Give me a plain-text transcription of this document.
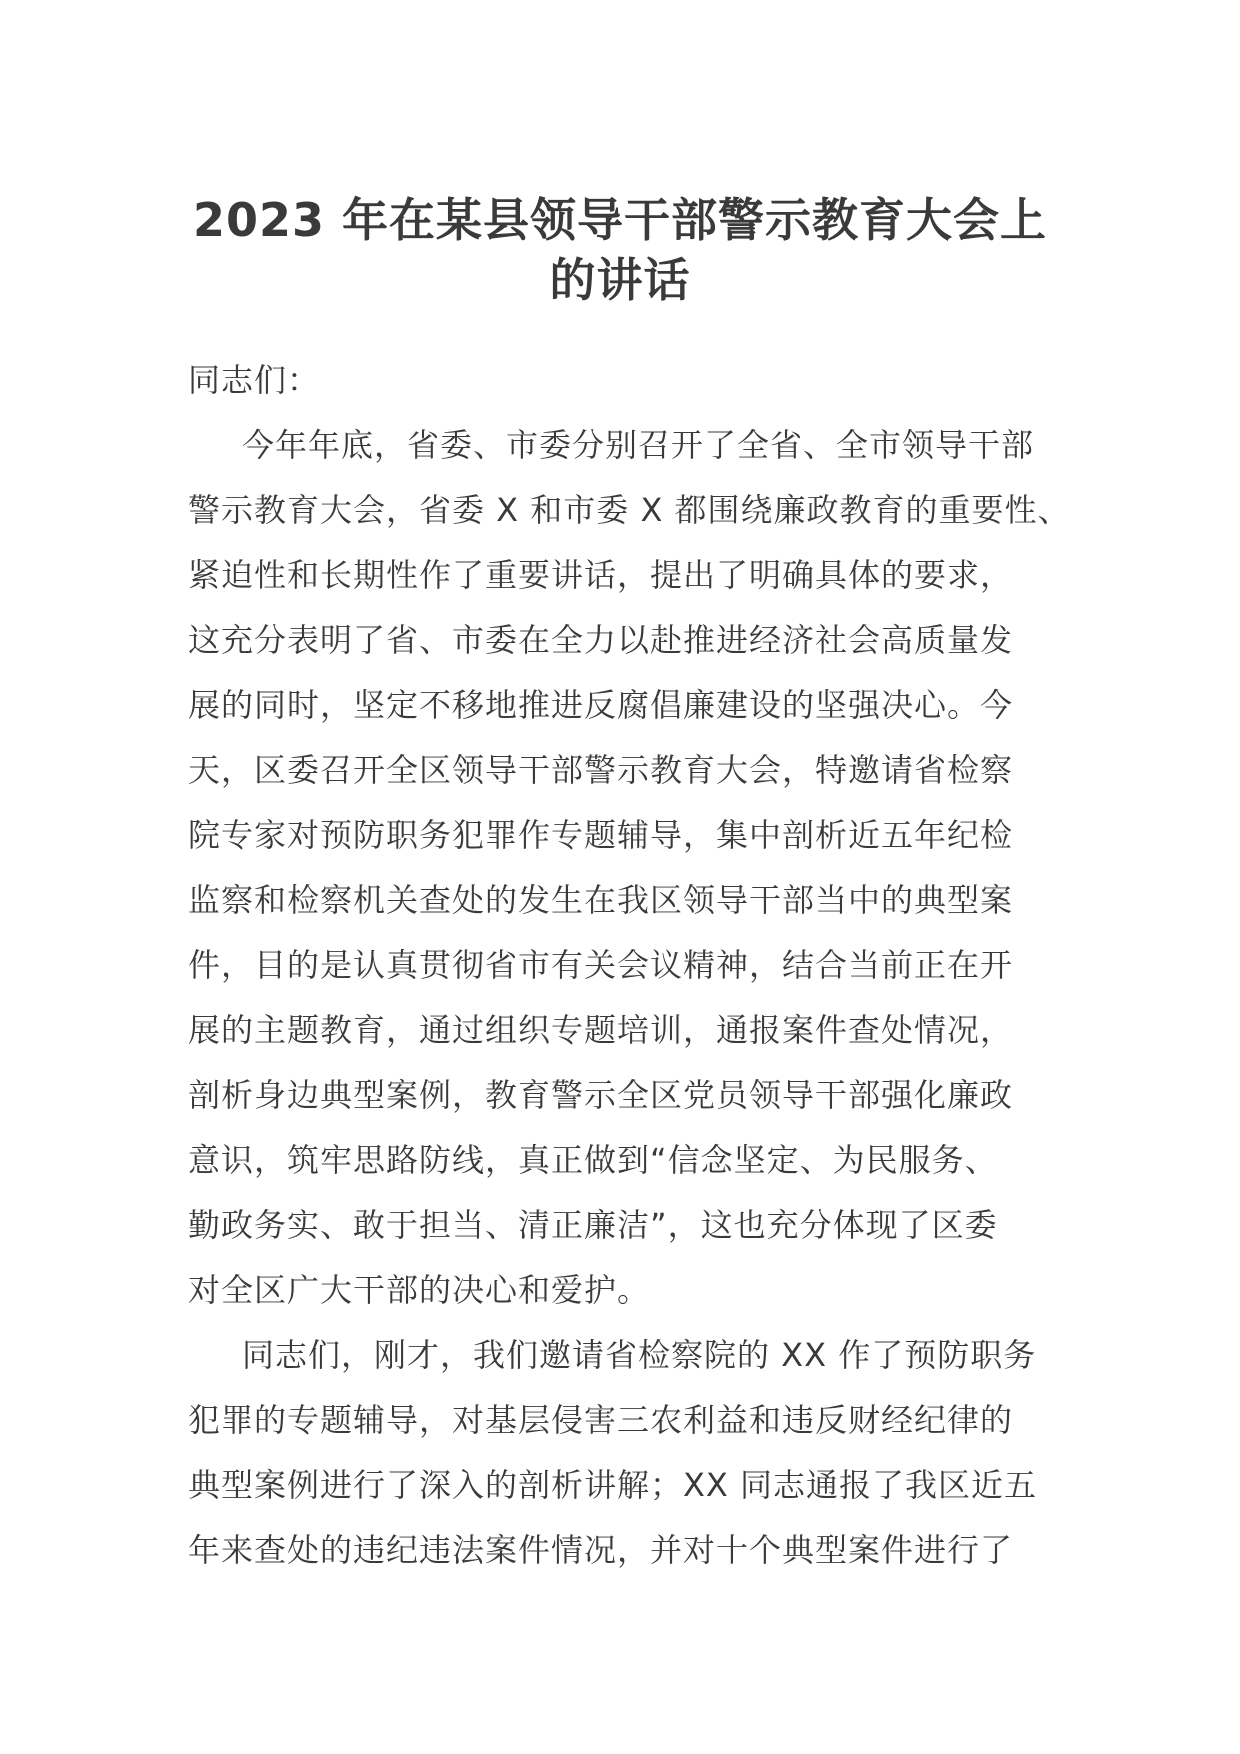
2023 年在某县领导干部警示教育大会上
的讲话
同志们：
今年年底，省委、市委分别召开了全省、全市领导干部
警示教育大会，省委 X 和市委 X 都围绕廉政教育的重要性、
紧迫性和长期性作了重要讲话，提出了明确具体的要求，
这充分表明了省、市委在全力以赴推进经济社会高质量发
展的同时，坚定不移地推进反腐倡廉建设的坚强决心。今
天，区委召开全区领导干部警示教育大会，特邀请省检察
院专家对预防职务犯罪作专题辅导，集中剖析近五年纪检
监察和检察机关查处的发生在我区领导干部当中的典型案
件，目的是认真贯彻省市有关会议精神，结合当前正在开
展的主题教育，通过组织专题培训，通报案件查处情况，
剖析身边典型案例，教育警示全区党员领导干部强化廉政
意识，筑牢思路防线，真正做到“信念坚定、为民服务、
勤政务实、敢于担当、清正廉洁”，这也充分体现了区委
对全区广大干部的决心和爱护。
同志们，刚才，我们邀请省检察院的 XX 作了预防职务
犯罪的专题辅导，对基层侵害三农利益和违反财经纪律的
典型案例进行了深入的剖析讲解；XX 同志通报了我区近五
年来查处的违纪违法案件情况，并对十个典型案件进行了
